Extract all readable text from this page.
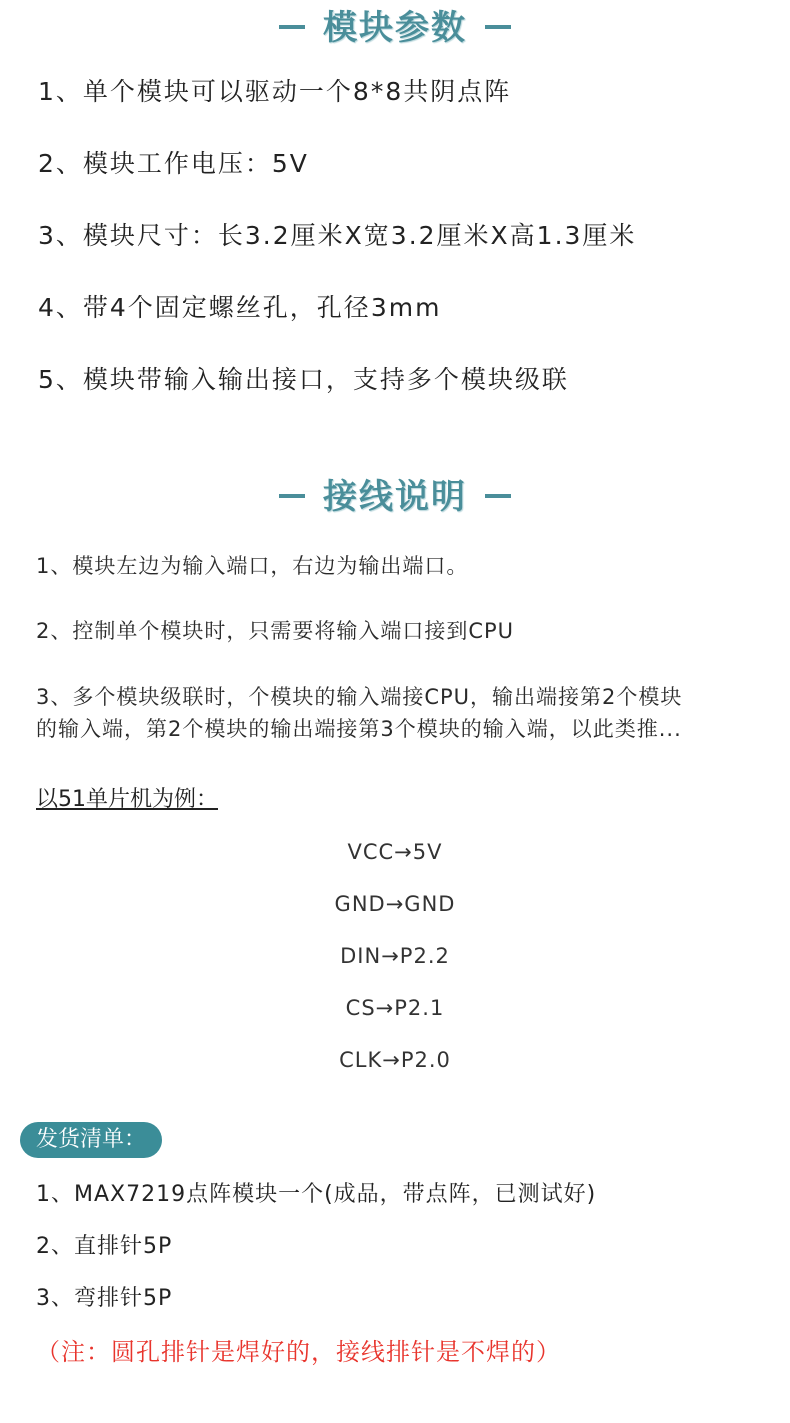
模块参数
1、单个模块可以驱动一个8*8共阴点阵
2、模块工作电压：5V
3、模块尺寸：长3.2厘米X宽3.2厘米X高1.3厘米
4、带4个固定螺丝孔，孔径3mm
5、模块带输入输出接口，支持多个模块级联
接线说明
1、模块左边为输入端口，右边为输出端口。
2、控制单个模块时，只需要将输入端口接到CPU
3、多个模块级联时，个模块的输入端接CPU，输出端接第2个模块
的输入端，第2个模块的输出端接第3个模块的输入端，以此类推...
以51单片机为例：
VCC→5V
GND→GND
DIN→P2.2
CS→P2.1
CLK→P2.0
发货清单：
1、MAX7219点阵模块一个(成品，带点阵，已测试好)
2、直排针5P
3、弯排针5P
（注：圆孔排针是焊好的，接线排针是不焊的）
